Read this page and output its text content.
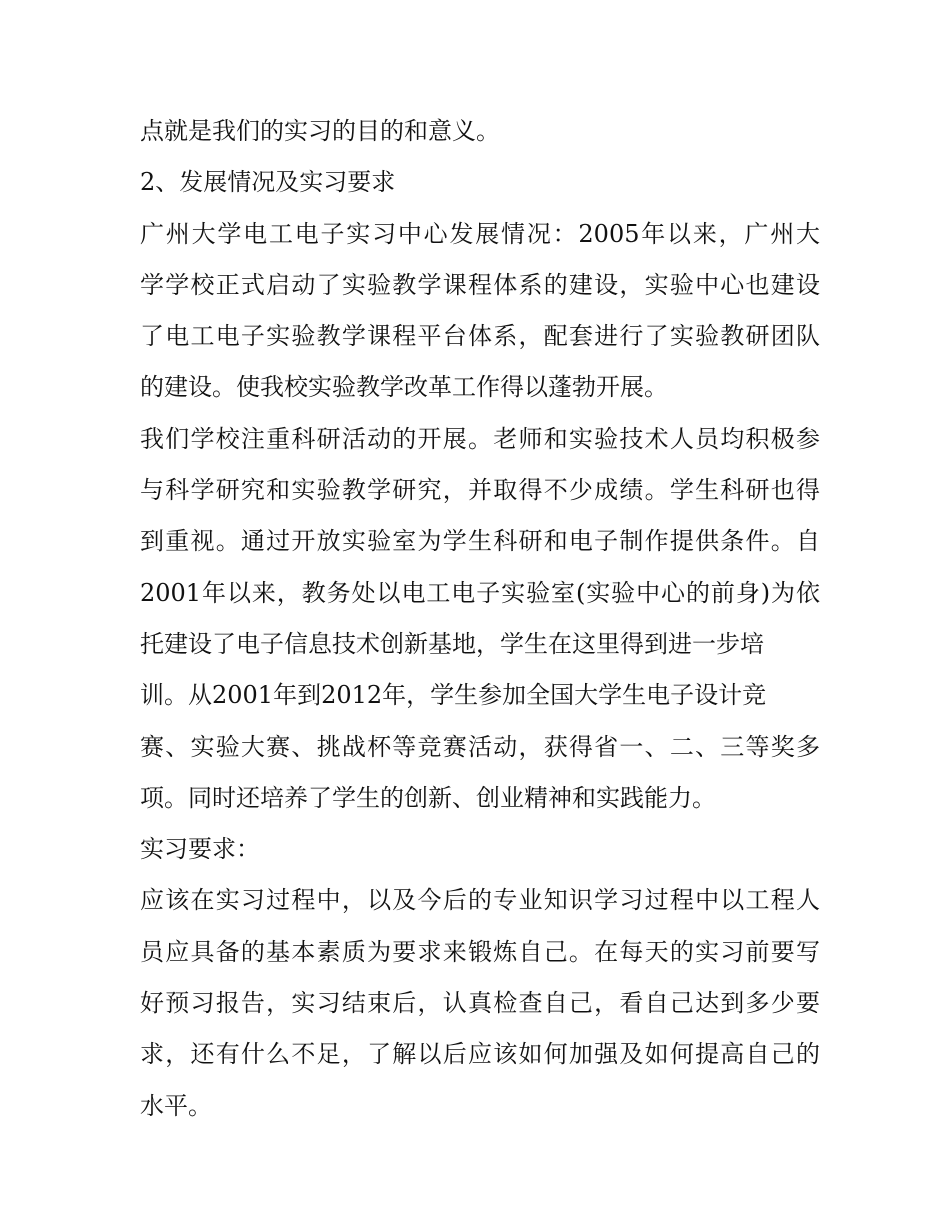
点就是我们的实习的目的和意义。
2、发展情况及实习要求
广州大学电工电子实习中心发展情况：2005年以来，广州大
学学校正式启动了实验教学课程体系的建设，实验中心也建设
了电工电子实验教学课程平台体系，配套进行了实验教研团队
的建设。使我校实验教学改革工作得以蓬勃开展。
我们学校注重科研活动的开展。老师和实验技术人员均积极参
与科学研究和实验教学研究，并取得不少成绩。学生科研也得
到重视。通过开放实验室为学生科研和电子制作提供条件。自
2001年以来，教务处以电工电子实验室(实验中心的前身)为依
托建设了电子信息技术创新基地，学生在这里得到进一步培
训。从2001年到2012年，学生参加全国大学生电子设计竞
赛、实验大赛、挑战杯等竞赛活动，获得省一、二、三等奖多
项。同时还培养了学生的创新、创业精神和实践能力。
实习要求：
应该在实习过程中，以及今后的专业知识学习过程中以工程人
员应具备的基本素质为要求来锻炼自己。在每天的实习前要写
好预习报告，实习结束后，认真检查自己，看自己达到多少要
求，还有什么不足，了解以后应该如何加强及如何提高自己的
水平。
